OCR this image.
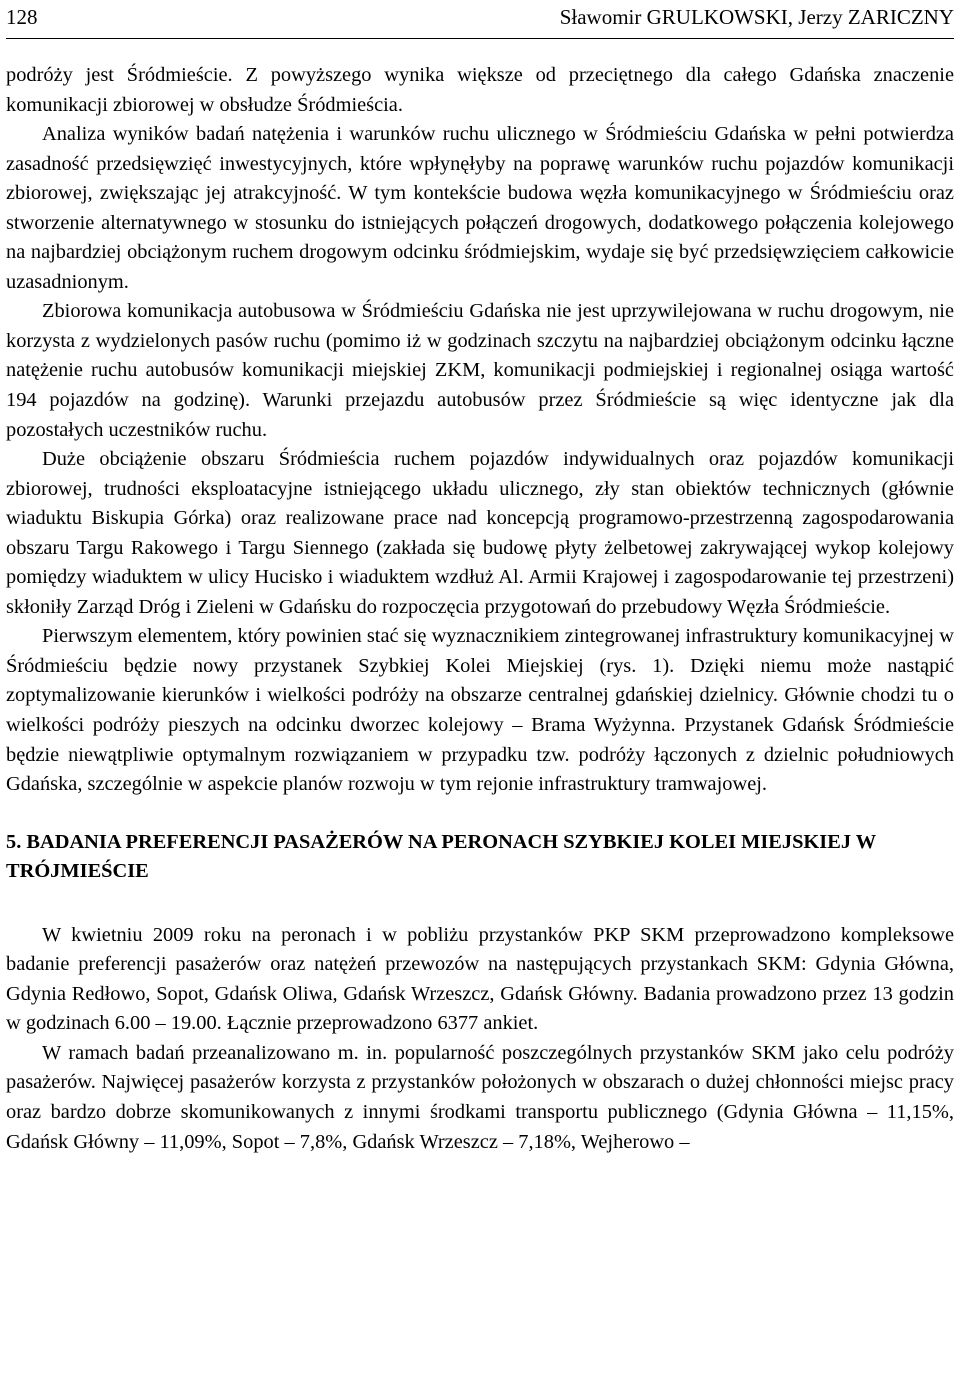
128	Sławomir GRULKOWSKI, Jerzy ZARICZNY

podróży jest Śródmieście. Z powyższego wynika większe od przeciętnego dla całego Gdańska znaczenie komunikacji zbiorowej w obsłudze Śródmieścia.

Analiza wyników badań natężenia i warunków ruchu ulicznego w Śródmieściu Gdańska w pełni potwierdza zasadność przedsięwzięć inwestycyjnych, które wpłynęłyby na poprawę warunków ruchu pojazdów komunikacji zbiorowej, zwiększając jej atrakcyjność. W tym kontekście budowa węzła komunikacyjnego w Śródmieściu oraz stworzenie alternatywnego w stosunku do istniejących połączeń drogowych, dodatkowego połączenia kolejowego na najbardziej obciążonym ruchem drogowym odcinku śródmiejskim, wydaje się być przedsięwzięciem całkowicie uzasadnionym.

Zbiorowa komunikacja autobusowa w Śródmieściu Gdańska nie jest uprzywilejowana w ruchu drogowym, nie korzysta z wydzielonych pasów ruchu (pomimo iż w godzinach szczytu na najbardziej obciążonym odcinku łączne natężenie ruchu autobusów komunikacji miejskiej ZKM, komunikacji podmiejskiej i regionalnej osiąga wartość 194 pojazdów na godzinę). Warunki przejazdu autobusów przez Śródmieście są więc identyczne jak dla pozostałych uczestników ruchu.

Duże obciążenie obszaru Śródmieścia ruchem pojazdów indywidualnych oraz pojazdów komunikacji zbiorowej, trudności eksploatacyjne istniejącego układu ulicznego, zły stan obiektów technicznych (głównie wiaduktu Biskupia Górka) oraz realizowane prace nad koncepcją programowo-przestrzenną zagospodarowania obszaru Targu Rakowego i Targu Siennego (zakłada się budowę płyty żelbetowej zakrywającej wykop kolejowy pomiędzy wiaduktem w ulicy Hucisko i wiaduktem wzdłuż Al. Armii Krajowej i zagospodarowanie tej przestrzeni) skłoniły Zarząd Dróg i Zieleni w Gdańsku do rozpoczęcia przygotowań do przebudowy Węzła Śródmieście.

Pierwszym elementem, który powinien stać się wyznacznikiem zintegrowanej infrastruktury komunikacyjnej w Śródmieściu będzie nowy przystanek Szybkiej Kolei Miejskiej (rys. 1). Dzięki niemu może nastąpić zoptymalizowanie kierunków i wielkości podróży na obszarze centralnej gdańskiej dzielnicy. Głównie chodzi tu o wielkości podróży pieszych na odcinku dworzec kolejowy – Brama Wyżynna. Przystanek Gdańsk Śródmieście będzie niewątpliwie optymalnym rozwiązaniem w przypadku tzw. podróży łączonych z dzielnic południowych Gdańska, szczególnie w aspekcie planów rozwoju w tym rejonie infrastruktury tramwajowej.

5. BADANIA PREFERENCJI PASAŻERÓW NA PERONACH SZYBKIEJ KOLEI MIEJSKIEJ W TRÓJMIEŚCIE

W kwietniu 2009 roku na peronach i w pobliżu przystanków PKP SKM przeprowadzono kompleksowe badanie preferencji pasażerów oraz natężeń przewozów na następujących przystankach SKM: Gdynia Główna, Gdynia Redłowo, Sopot, Gdańsk Oliwa, Gdańsk Wrzeszcz, Gdańsk Główny. Badania prowadzono przez 13 godzin w godzinach 6.00 – 19.00. Łącznie przeprowadzono 6377 ankiet.

W ramach badań przeanalizowano m. in. popularność poszczególnych przystanków SKM jako celu podróży pasażerów. Najwięcej pasażerów korzysta z przystanków położonych w obszarach o dużej chłonności miejsc pracy oraz bardzo dobrze skomunikowanych z innymi środkami transportu publicznego (Gdynia Główna – 11,15%, Gdańsk Główny – 11,09%, Sopot – 7,8%, Gdańsk Wrzeszcz – 7,18%, Wejherowo –
